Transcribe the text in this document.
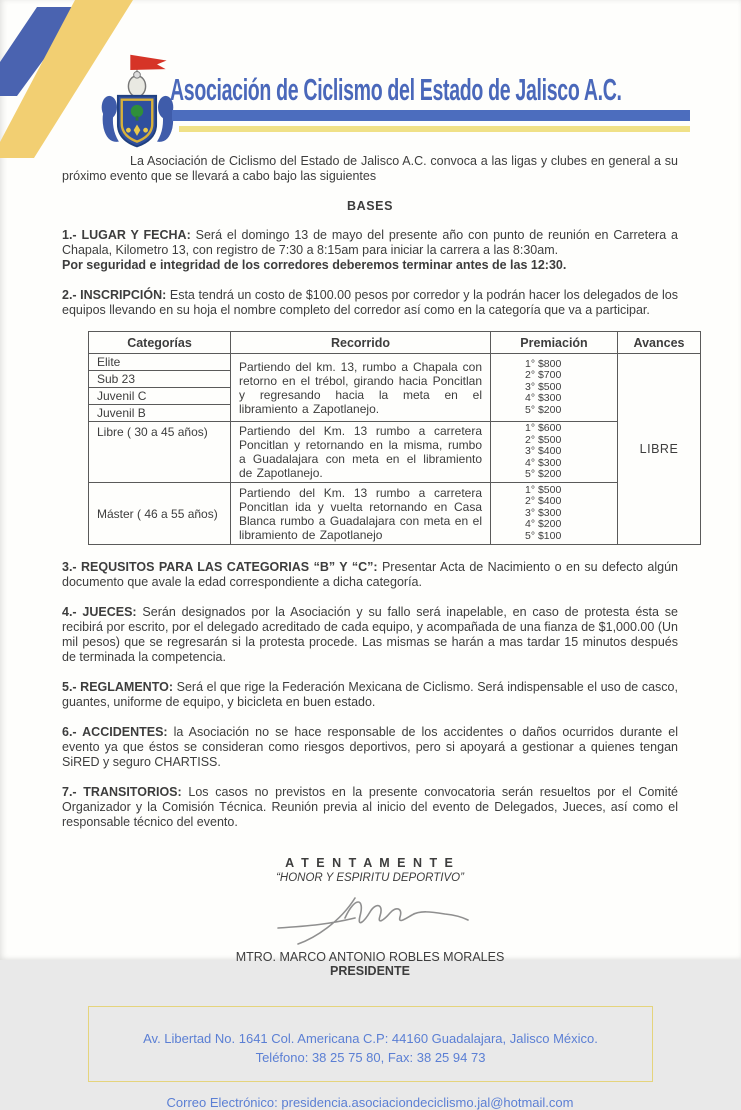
Asociación de Ciclismo del Estado de Jalisco A.C.

La Asociación de Ciclismo del Estado de Jalisco A.C. convoca a las ligas y clubes en general a su próximo evento que se llevará a cabo bajo las siguientes

BASES

1.- LUGAR Y FECHA: Será el domingo 13 de mayo del presente año con punto de reunión en Carretera a Chapala, Kilometro 13, con registro de 7:30 a 8:15am para iniciar la carrera a las 8:30am.

Por seguridad e integridad de los corredores deberemos terminar antes de las 12:30.

2.- INSCRIPCIÓN: Esta tendrá un costo de $100.00 pesos por corredor y la podrán hacer los delegados de los equipos llevando en su hoja el nombre completo del corredor así como en la categoría que va a participar.

Categorías	Recorrido	Premiación	Avances
Elite	Partiendo del km. 13, rumbo a Chapala con retorno en el trébol, girando hacia Poncitlan y regresando hacia la meta en el libramiento a Zapotlanejo.	1° $800
2° $700
3° $500
4° $300
5° $200	LIBRE
Sub 23			
Juvenil C			
Juvenil B			
Libre ( 30 a 45 años)	Partiendo del Km. 13 rumbo a carretera Poncitlan y retornando en la misma, rumbo a Guadalajara con meta en el libramiento de Zapotlanejo.	1° $600
2° $500
3° $400
4° $300
5° $200	

Máster ( 46 a 55 años)	Partiendo del Km. 13 rumbo a carretera Poncitlan ida y vuelta retornando en Casa Blanca rumbo a Guadalajara con meta en el libramiento de Zapotlanejo	1° $500
2° $400
3° $300
4° $200
5° $100	

3.- REQUSITOS PARA LAS CATEGORIAS “B” Y “C”: Presentar Acta de Nacimiento o en su defecto algún documento que avale la edad correspondiente a dicha categoría.

4.- JUECES: Serán designados por la Asociación y su fallo será inapelable, en caso de protesta ésta se recibirá por escrito, por el delegado acreditado de cada equipo, y acompañada de una fianza de $1,000.00 (Un mil pesos) que se regresarán si la protesta procede. Las mismas se harán a mas tardar 15 minutos después de terminada la competencia.

5.- REGLAMENTO: Será el que rige la Federación Mexicana de Ciclismo. Será indispensable el uso de casco, guantes, uniforme de equipo, y bicicleta en buen estado.

6.- ACCIDENTES: la Asociación no se hace responsable de los accidentes o daños ocurridos durante el evento ya que éstos se consideran como riesgos deportivos, pero si apoyará a gestionar a quienes tengan SiRED y seguro CHARTISS.

7.- TRANSITORIOS: Los casos no previstos en la presente convocatoria serán resueltos por el Comité Organizador y la Comisión Técnica. Reunión previa al inicio del evento de Delegados, Jueces, así como el responsable técnico del evento.

A T E N T A M E N T E
“HONOR Y ESPIRITU DEPORTIVO”
MTRO. MARCO ANTONIO ROBLES MORALES
PRESIDENTE
Av. Libertad No. 1641 Col. Americana C.P: 44160 Guadalajara, Jalisco México.
Teléfono: 38 25 75 80, Fax: 38 25 94 73
Correo Electrónico: presidencia.asociaciondeciclismo.jal@hotmail.com
